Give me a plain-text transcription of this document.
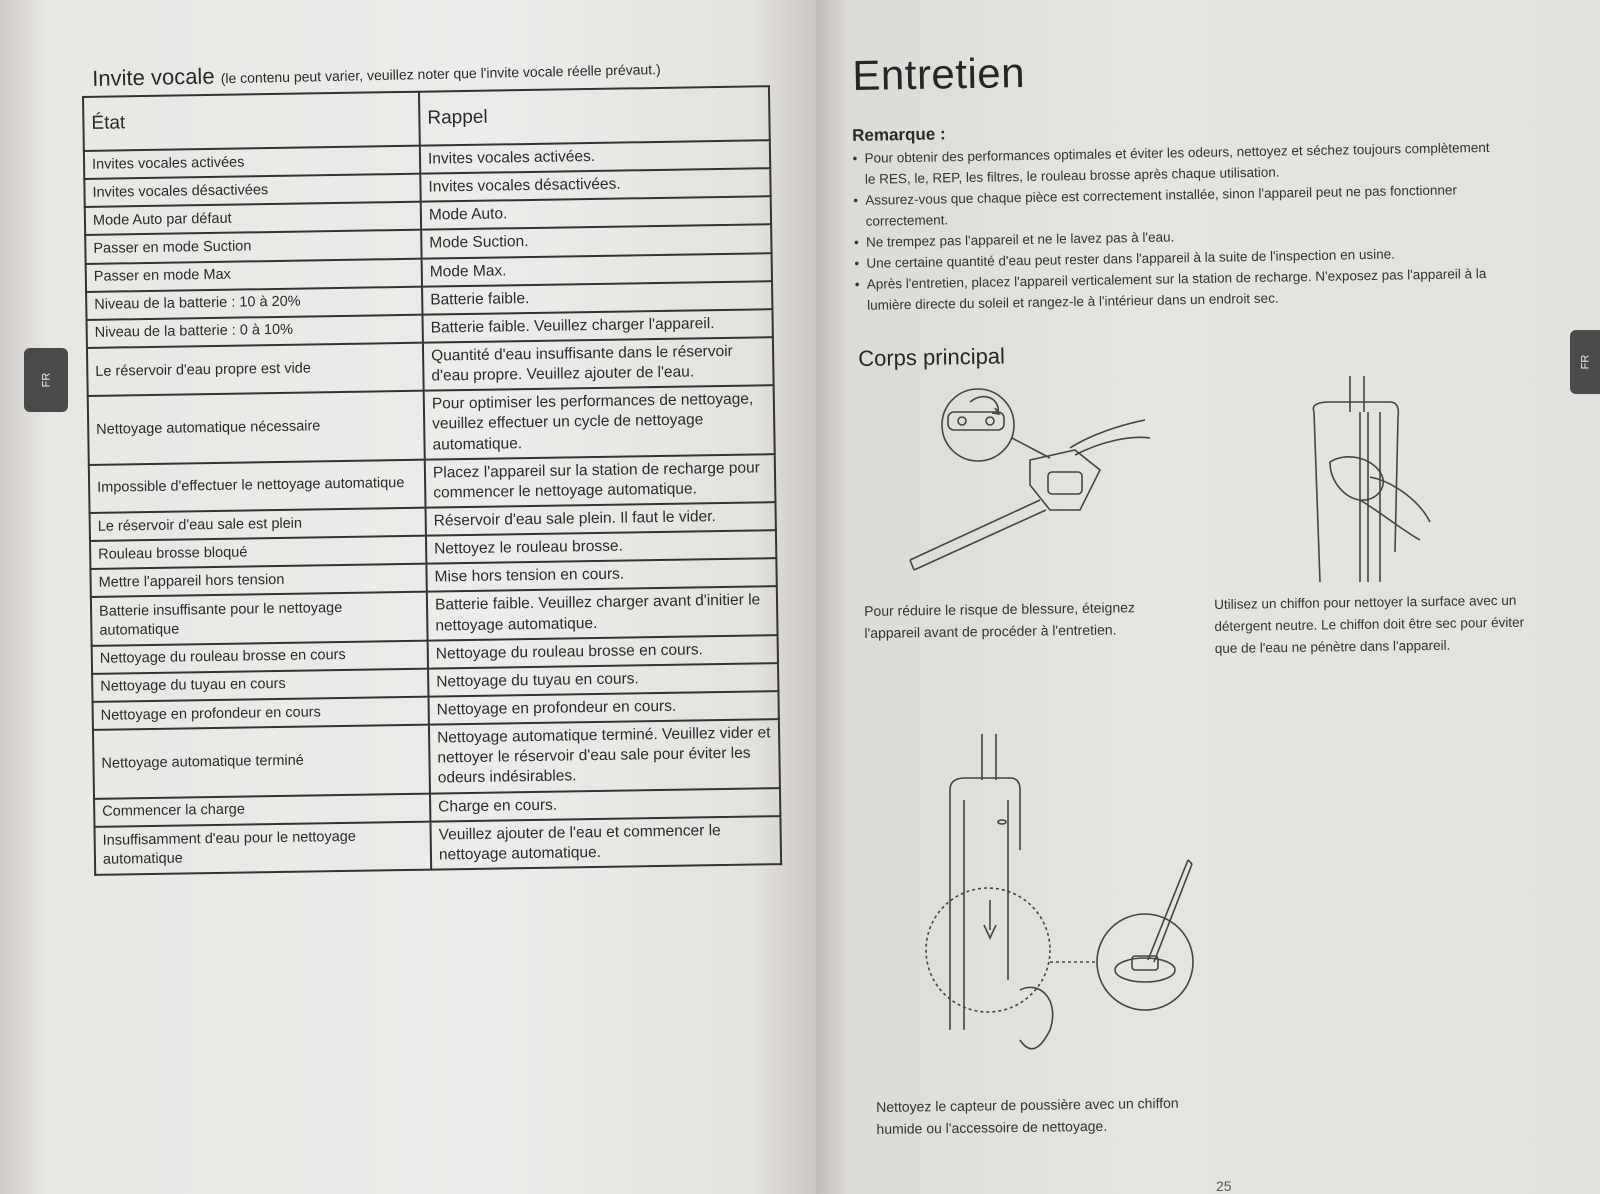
FR
Invite vocale (le contenu peut varier, veuillez noter que l'invite vocale réelle prévaut.)
État	Rappel
Invites vocales activées	Invites vocales activées.
Invites vocales désactivées	Invites vocales désactivées.
Mode Auto par défaut	Mode Auto.
Passer en mode Suction	Mode Suction.
Passer en mode Max	Mode Max.
Niveau de la batterie : 10 à 20%	Batterie faible.
Niveau de la batterie : 0 à 10%	Batterie faible. Veuillez charger l'appareil.
Le réservoir d'eau propre est vide	Quantité d'eau insuffisante dans le réservoir d'eau propre. Veuillez ajouter de l'eau.
Nettoyage automatique nécessaire	Pour optimiser les performances de nettoyage, veuillez effectuer un cycle de nettoyage automatique.
Impossible d'effectuer le nettoyage automatique	Placez l'appareil sur la station de recharge pour commencer le nettoyage automatique.
Le réservoir d'eau sale est plein	Réservoir d'eau sale plein. Il faut le vider.
Rouleau brosse bloqué	Nettoyez le rouleau brosse.
Mettre l'appareil hors tension	Mise hors tension en cours.
Batterie insuffisante pour le nettoyage automatique	Batterie faible. Veuillez charger avant d'initier le nettoyage automatique.
Nettoyage du rouleau brosse en cours	Nettoyage du rouleau brosse en cours.
Nettoyage du tuyau en cours	Nettoyage du tuyau en cours.
Nettoyage en profondeur en cours	Nettoyage en profondeur en cours.
Nettoyage automatique terminé	Nettoyage automatique terminé. Veuillez vider et nettoyer le réservoir d'eau sale pour éviter les odeurs indésirables.
Commencer la charge	Charge en cours.
Insuffisamment d'eau pour le nettoyage automatique	Veuillez ajouter de l'eau et commencer le nettoyage automatique.
FR
Entretien
Remarque :
• Pour obtenir des performances optimales et éviter les odeurs, nettoyez et séchez toujours complètement le RES, le, REP, les filtres, le rouleau brosse après chaque utilisation.
• Assurez-vous que chaque pièce est correctement installée, sinon l'appareil peut ne pas fonctionner correctement.
• Ne trempez pas l'appareil et ne le lavez pas à l'eau.
• Une certaine quantité d'eau peut rester dans l'appareil à la suite de l'inspection en usine.
• Après l'entretien, placez l'appareil verticalement sur la station de recharge. N'exposez pas l'appareil à la lumière directe du soleil et rangez-le à l'intérieur dans un endroit sec.
Corps principal
Pour réduire le risque de blessure, éteignez l'appareil avant de procéder à l'entretien.
Utilisez un chiffon pour nettoyer la surface avec un détergent neutre. Le chiffon doit être sec pour éviter que de l'eau ne pénètre dans l'appareil.
Nettoyez le capteur de poussière avec un chiffon humide ou l'accessoire de nettoyage.
25
